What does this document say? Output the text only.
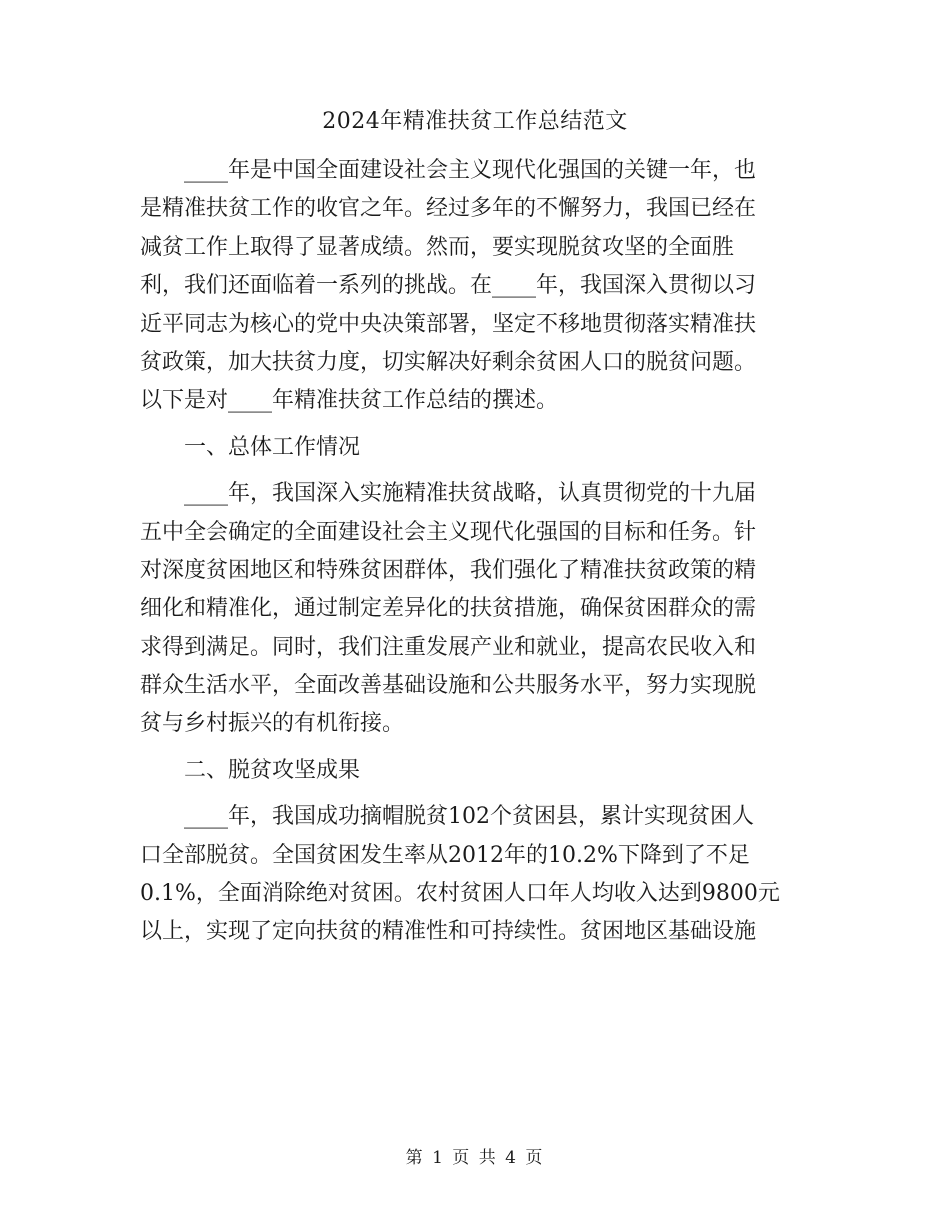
2024年精准扶贫工作总结范文
　　____年是中国全面建设社会主义现代化强国的关键一年，也
是精准扶贫工作的收官之年。经过多年的不懈努力，我国已经在
减贫工作上取得了显著成绩。然而，要实现脱贫攻坚的全面胜
利，我们还面临着一系列的挑战。在____年，我国深入贯彻以习
近平同志为核心的党中央决策部署，坚定不移地贯彻落实精准扶
贫政策，加大扶贫力度，切实解决好剩余贫困人口的脱贫问题。
以下是对____年精准扶贫工作总结的撰述。
　　一、总体工作情况
　　____年，我国深入实施精准扶贫战略，认真贯彻党的十九届
五中全会确定的全面建设社会主义现代化强国的目标和任务。针
对深度贫困地区和特殊贫困群体，我们强化了精准扶贫政策的精
细化和精准化，通过制定差异化的扶贫措施，确保贫困群众的需
求得到满足。同时，我们注重发展产业和就业，提高农民收入和
群众生活水平，全面改善基础设施和公共服务水平，努力实现脱
贫与乡村振兴的有机衔接。
　　二、脱贫攻坚成果
　　____年，我国成功摘帽脱贫102个贫困县，累计实现贫困人
口全部脱贫。全国贫困发生率从2012年的10.2%下降到了不足
0.1%，全面消除绝对贫困。农村贫困人口年人均收入达到9800元
以上，实现了定向扶贫的精准性和可持续性。贫困地区基础设施
第 1 页 共 4 页
